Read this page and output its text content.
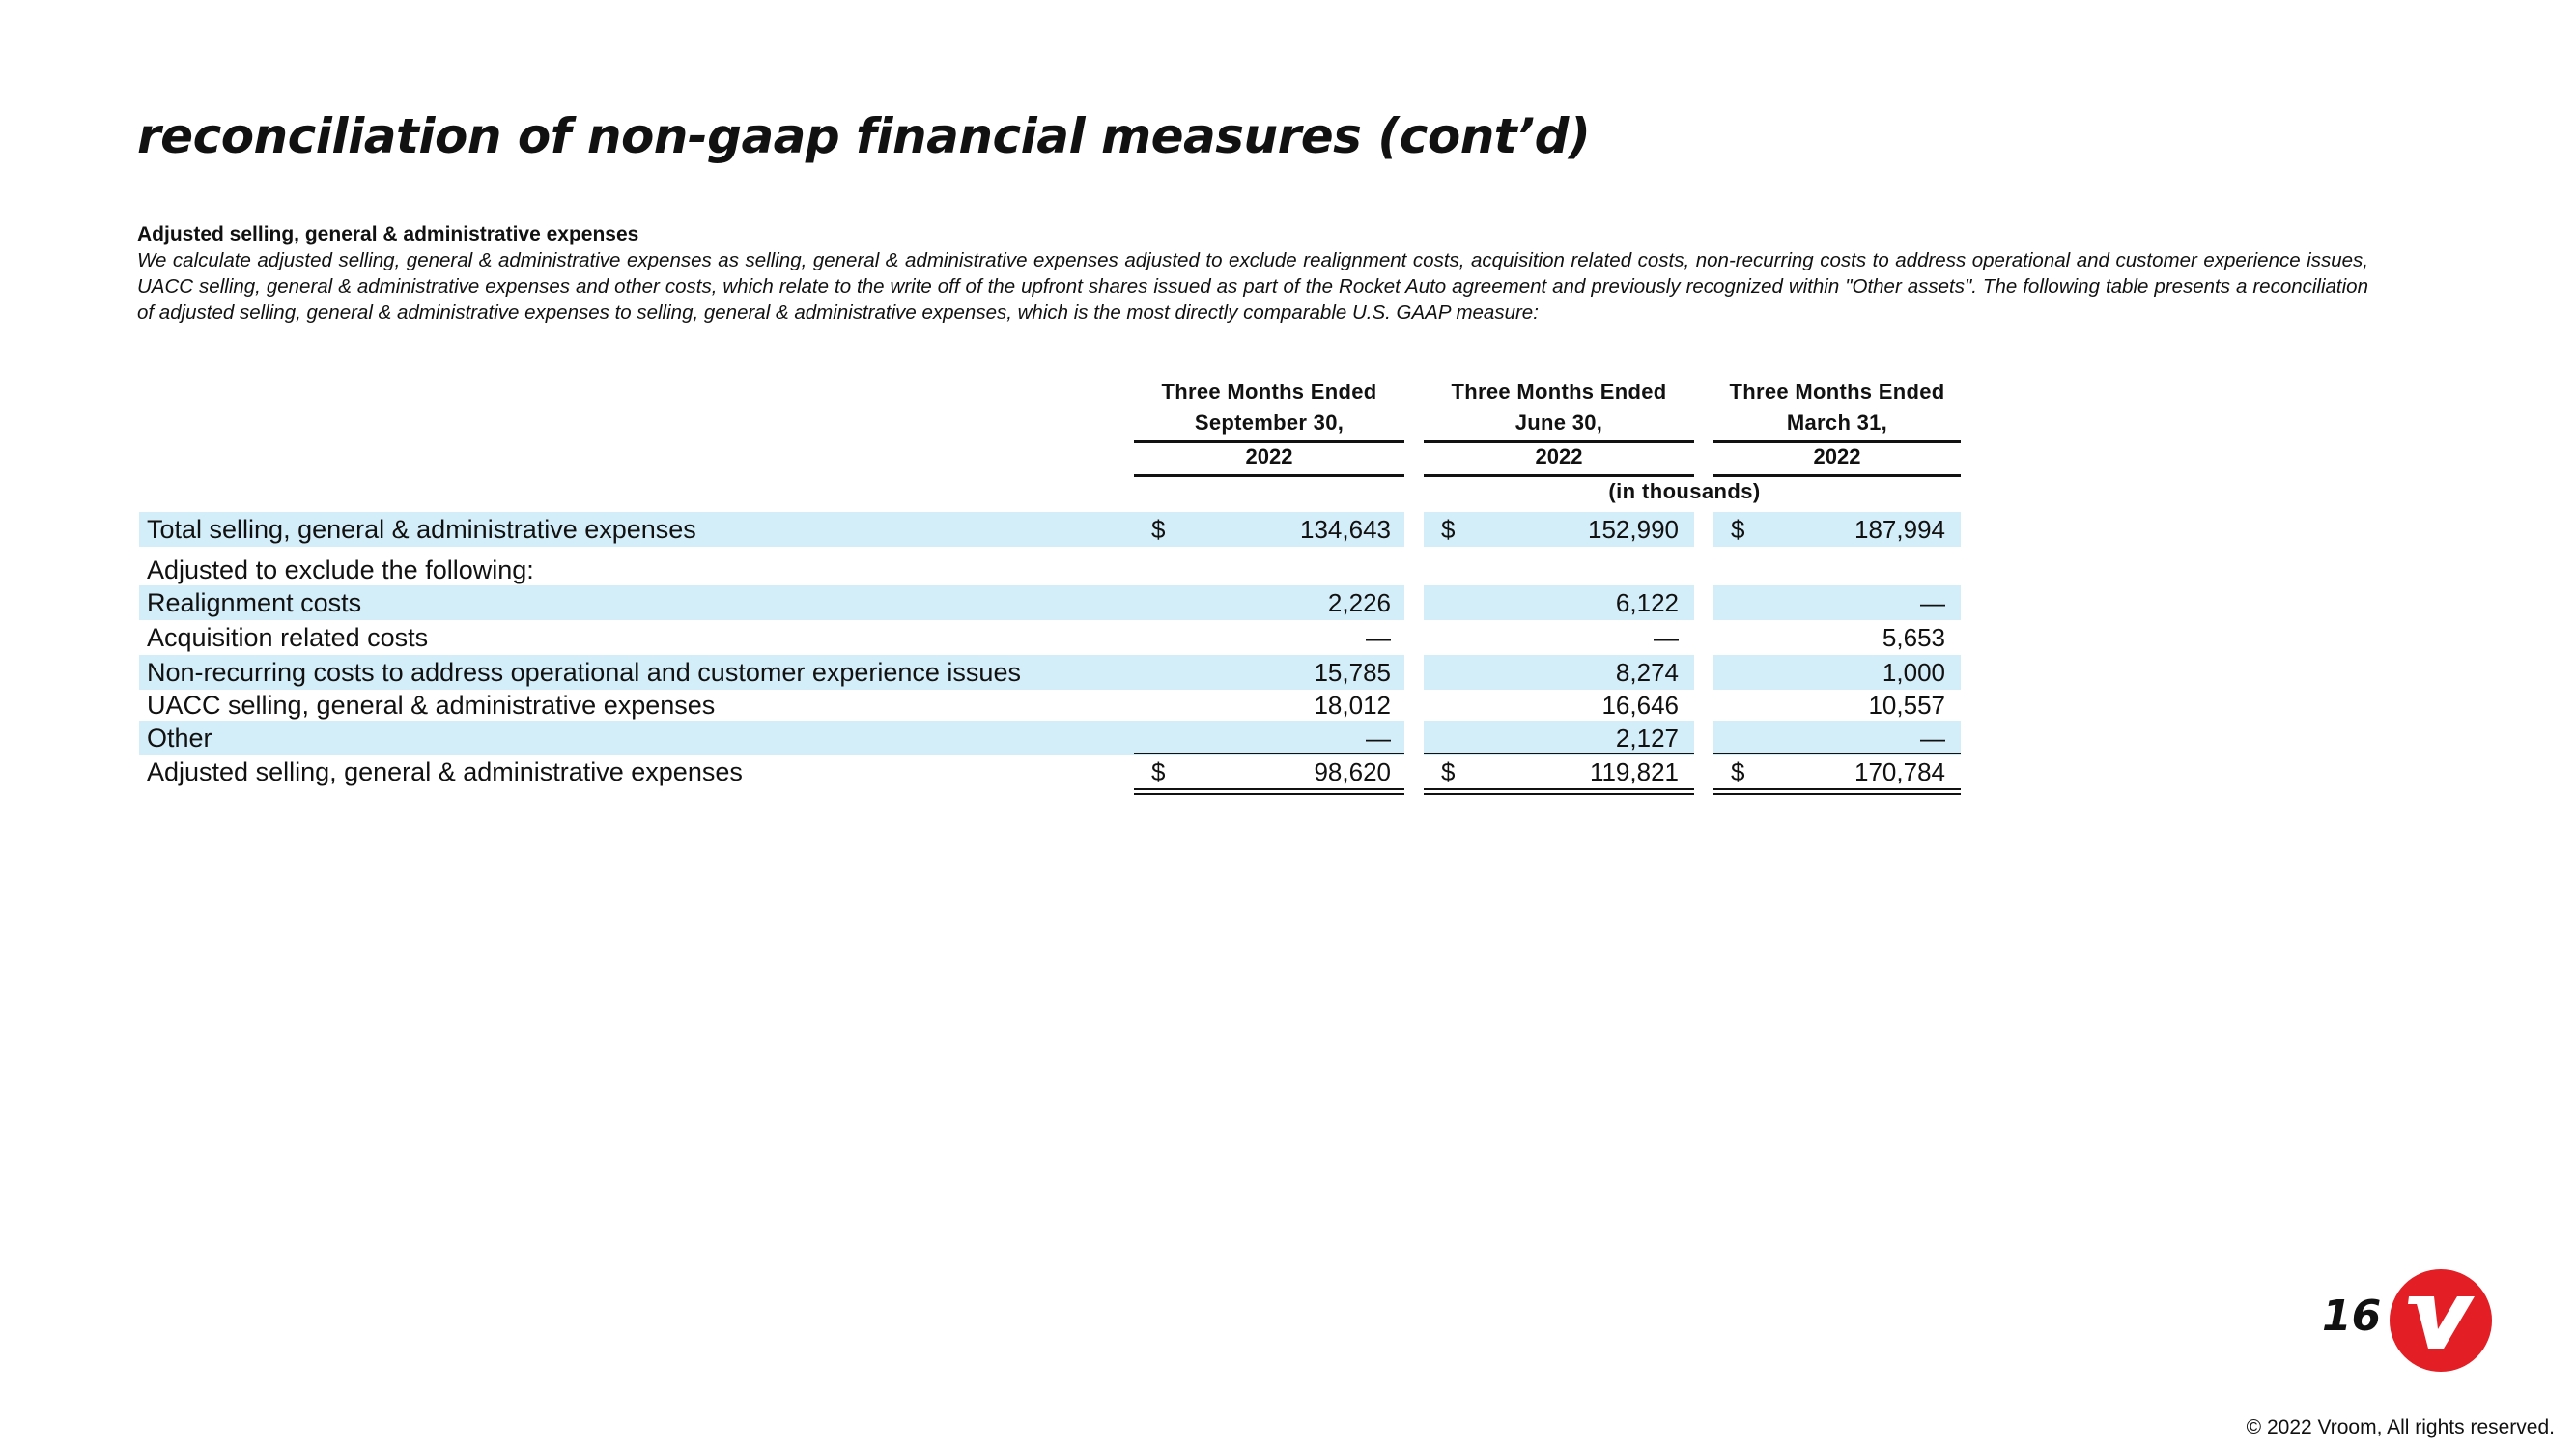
reconciliation of non-gaap financial measures (cont’d)
Adjusted selling, general & administrative expenses
We calculate adjusted selling, general & administrative expenses as selling, general & administrative expenses adjusted to exclude realignment costs, acquisition related costs, non-recurring costs to address operational and customer experience issues, UACC selling, general & administrative expenses and other costs, which relate to the write off of the upfront shares issued as part of the Rocket Auto agreement and previously recognized within "Other assets". The following table presents a reconciliation of adjusted selling, general & administrative expenses to selling, general & administrative expenses, which is the most directly comparable U.S. GAAP measure:
Three Months Ended
September 30,
2022
Three Months Ended
June 30,
2022
Three Months Ended
March 31,
2022
(in thousands)
Total selling, general & administrative expenses	$	134,643 $	152,990 $	187,994
Adjusted to exclude the following:
Realignment costs	2,226	6,122	—
Acquisition related costs	—	—	5,653
Non-recurring costs to address operational and customer experience issues	15,785	8,274	1,000
UACC selling, general & administrative expenses	18,012	16,646	10,557
Other	—	2,127	—
Adjusted selling, general & administrative expenses	$	98,620 $	119,821 $	170,784
16
© 2022 Vroom, All rights reserved.
